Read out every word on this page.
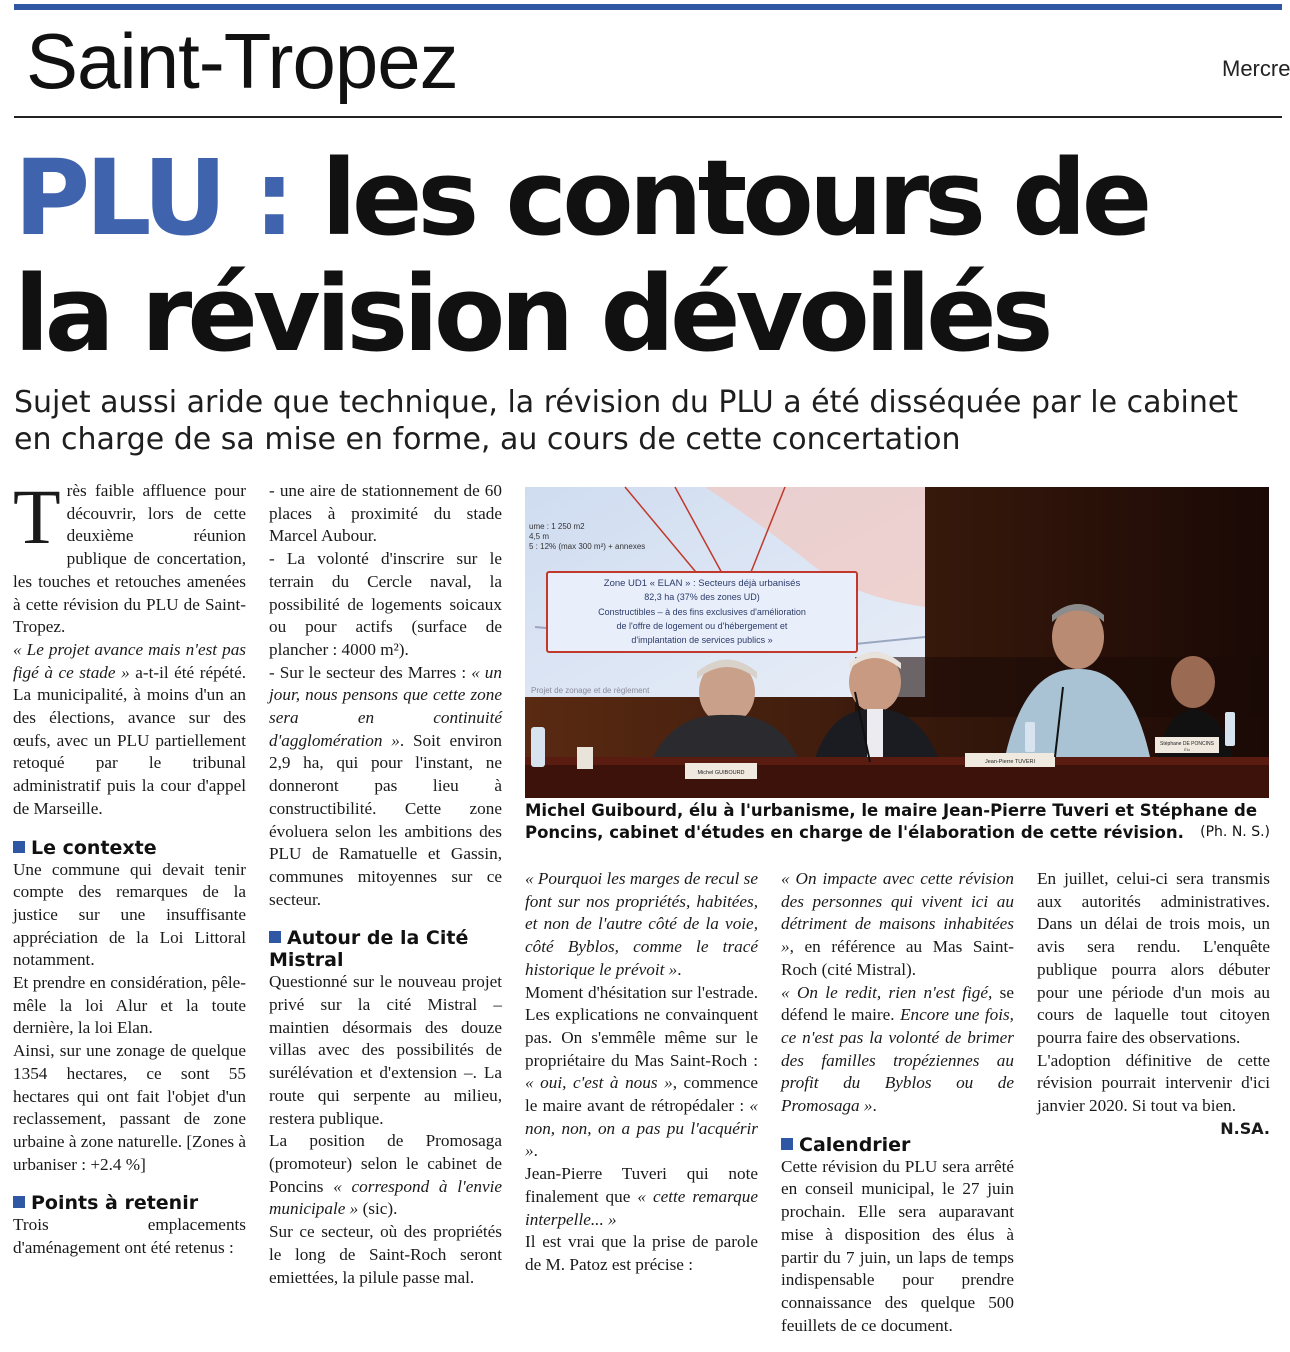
Saint-Tropez	Mercre
PLU : les contours de la révision dévoilés

Sujet aussi aride que technique, la révision du PLU a été disséquée par le cabinet en charge de sa mise en forme, au cours de cette concertation

Très faible affluence pour découvrir, lors de cette deuxième réunion publique de concertation, les touches et retouches amenées à cette révision du PLU de Saint-Tropez.

« Le projet avance mais n'est pas figé à ce stade » a-t-il été répété. La municipalité, à moins d'un an des élections, avance sur des œufs, avec un PLU partiellement retoqué par le tribunal administratif puis la cour d'appel de Marseille.

Le contexte

Une commune qui devait tenir compte des remarques de la justice sur une insuffisante appréciation de la Loi Littoral notamment.

Et prendre en considération, pêle-mêle la loi Alur et la toute dernière, la loi Elan.

Ainsi, sur une zonage de quelque 1354 hectares, ce sont 55 hectares qui ont fait l'objet d'un reclassement, passant de zone urbaine à zone naturelle. [Zones à urbaniser : +2.4 %]

Points à retenir

Trois emplacements d'aménagement ont été retenus :

- une aire de stationnement de 60 places à proximité du stade Marcel Aubour.

- La volonté d'inscrire sur le terrain du Cercle naval, la possibilité de logements soicaux ou pour actifs (surface de plancher : 4000 m²).

- Sur le secteur des Marres : « un jour, nous pensons que cette zone sera en continuité d'agglomération ». Soit environ 2,9 ha, qui pour l'instant, ne donneront pas lieu à constructibilité. Cette zone évoluera selon les ambitions des PLU de Ramatuelle et Gassin, communes mitoyennes sur ce secteur.

Autour de la Cité Mistral

Questionné sur le nouveau projet privé sur la cité Mistral – maintien désormais des douze villas avec des possibilités de surélévation et d'extension –. La route qui serpente au milieu, restera publique.

La position de Promosaga (promoteur) selon le cabinet de Poncins « correspond à l'envie municipale » (sic).

Sur ce secteur, où des propriétés le long de Saint-Roch seront emiettées, la pilule passe mal.

ume : 1 250 m2
4,5 m
5 : 12% (max 300 m²) + annexes
Zone UD1 « ELAN » : Secteurs déjà urbanisés
82,3 ha (37% des zones UD)
Constructibles – à des fins exclusives d'amélioration
de l'offre de logement ou d'hébergement et
d'implantation de services publics »
Projet de zonage et de règlement
Michel GUIBOURD
Jean-Pierre TUVERI
Stéphane DE PONCINS
Élu

Michel Guibourd, élu à l'urbanisme, le maire Jean-Pierre Tuveri et Stéphane de Poncins, cabinet d'études en charge de l'élaboration de cette révision. (Ph. N. S.)

« Pourquoi les marges de recul se font sur nos propriétés, habitées, et non de l'autre côté de la voie, côté Byblos, comme le tracé historique le prévoit ».

Moment d'hésitation sur l'estrade. Les explications ne convainquent pas. On s'emmêle même sur le propriétaire du Mas Saint-Roch : « oui, c'est à nous », commence le maire avant de rétropédaler : « non, non, on a pas pu l'acquérir ».

Jean-Pierre Tuveri qui note finalement que « cette remarque interpelle... »

Il est vrai que la prise de parole de M. Patoz est précise :

« On impacte avec cette révision des personnes qui vivent ici au détriment de maisons inhabitées », en référence au Mas Saint-Roch (cité Mistral).

« On le redit, rien n'est figé, se défend le maire. Encore une fois, ce n'est pas la volonté de brimer des familles tropéziennes au profit du Byblos ou de Promosaga ».

Calendrier

Cette révision du PLU sera arrêté en conseil municipal, le 27 juin prochain. Elle sera auparavant mise à disposition des élus à partir du 7 juin, un laps de temps indispensable pour prendre connaissance des quelque 500 feuillets de ce document.

En juillet, celui-ci sera transmis aux autorités administratives. Dans un délai de trois mois, un avis sera rendu. L'enquête publique pourra alors débuter pour une période d'un mois au cours de laquelle tout citoyen pourra faire des observations.

L'adoption définitive de cette révision pourrait intervenir d'ici janvier 2020. Si tout va bien.

N.SA.
